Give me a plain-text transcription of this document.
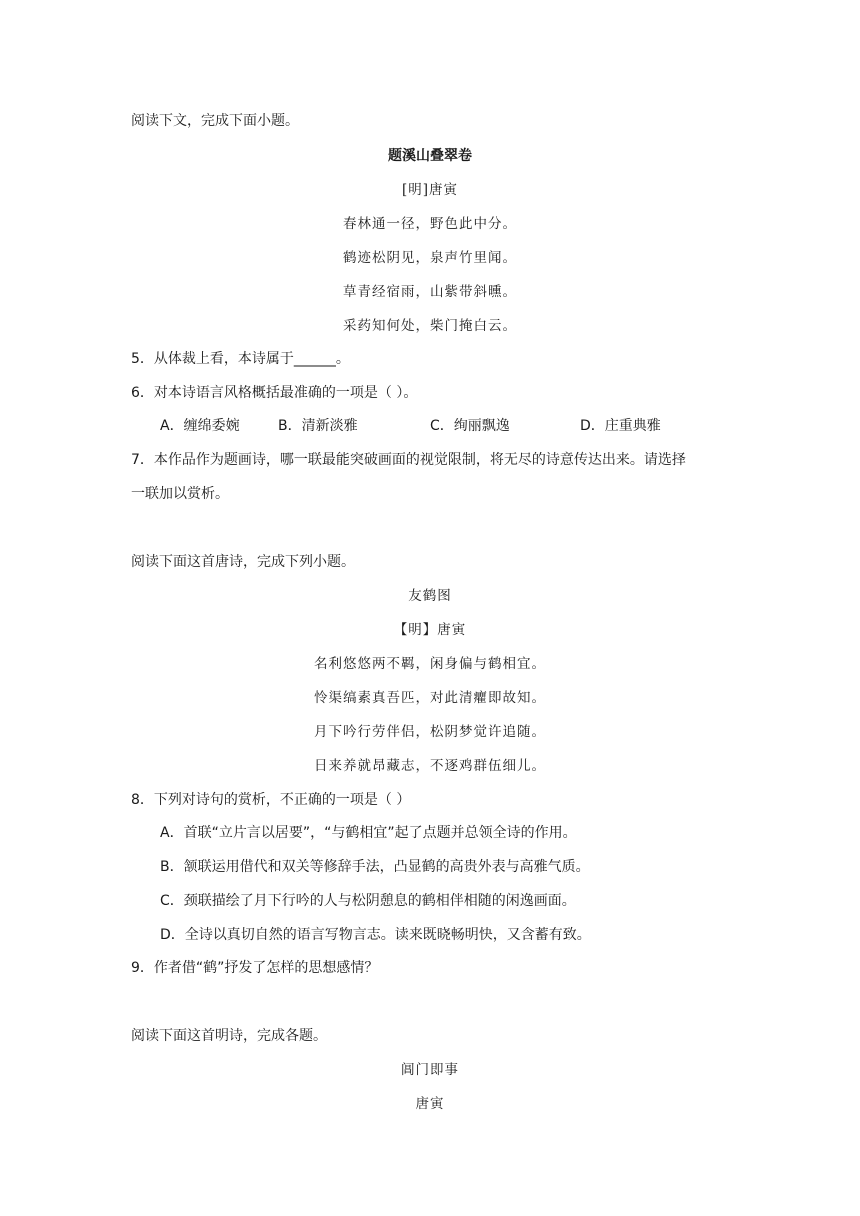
阅读下文，完成下面小题。
题溪山叠翠卷
[明]唐寅
春林通一径，野色此中分。
鹤迹松阴见，泉声竹里闻。
草青经宿雨，山紫带斜曛。
采药知何处，柴门掩白云。
5．从体裁上看，本诗属于______。
6．对本诗语言风格概括最准确的一项是（ ）。
A．缠绵委婉	B．清新淡雅	C．绚丽飘逸	D．庄重典雅
7．本作品作为题画诗，哪一联最能突破画面的视觉限制，将无尽的诗意传达出来。请选择
一联加以赏析。
阅读下面这首唐诗，完成下列小题。
友鹤图
【明】唐寅
名利悠悠两不羁，闲身偏与鹤相宜。
怜渠缟素真吾匹，对此清癯即故知。
月下吟行劳伴侣，松阴梦觉许追随。
日来养就昂藏志，不逐鸡群伍细儿。
8．下列对诗句的赏析，不正确的一项是（ ）
A．首联“立片言以居要”，“与鹤相宜”起了点题并总领全诗的作用。
B．颔联运用借代和双关等修辞手法，凸显鹤的高贵外表与高雅气质。
C．颈联描绘了月下行吟的人与松阴憩息的鹤相伴相随的闲逸画面。
D．全诗以真切自然的语言写物言志。读来既晓畅明快，又含蓄有致。
9．作者借“鹤”抒发了怎样的思想感情？
阅读下面这首明诗，完成各题。
阊门即事
唐寅
